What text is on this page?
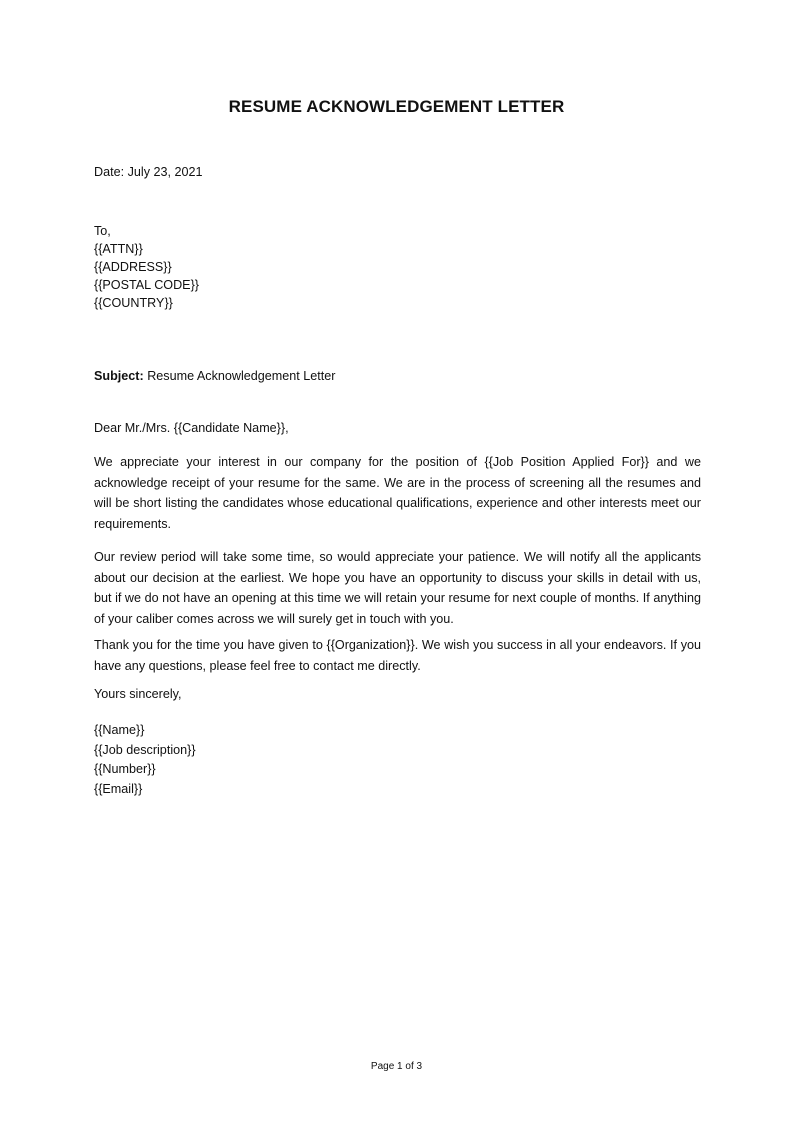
RESUME ACKNOWLEDGEMENT LETTER
Date: July 23, 2021
To,
{{ATTN}}
{{ADDRESS}}
{{POSTAL CODE}}
{{COUNTRY}}
Subject: Resume Acknowledgement Letter
Dear Mr./Mrs. {{Candidate Name}},
We appreciate your interest in our company for the position of {{Job Position Applied For}} and we acknowledge receipt of your resume for the same. We are in the process of screening all the resumes and will be short listing the candidates whose educational qualifications, experience and other interests meet our requirements.
Our review period will take some time, so would appreciate your patience. We will notify all the applicants about our decision at the earliest. We hope you have an opportunity to discuss your skills in detail with us, but if we do not have an opening at this time we will retain your resume for next couple of months. If anything of your caliber comes across we will surely get in touch with you.
Thank you for the time you have given to {{Organization}}. We wish you success in all your endeavors. If you have any questions, please feel free to contact me directly.
Yours sincerely,
{{Name}}
{{Job description}}
{{Number}}
{{Email}}
Page 1 of 3
